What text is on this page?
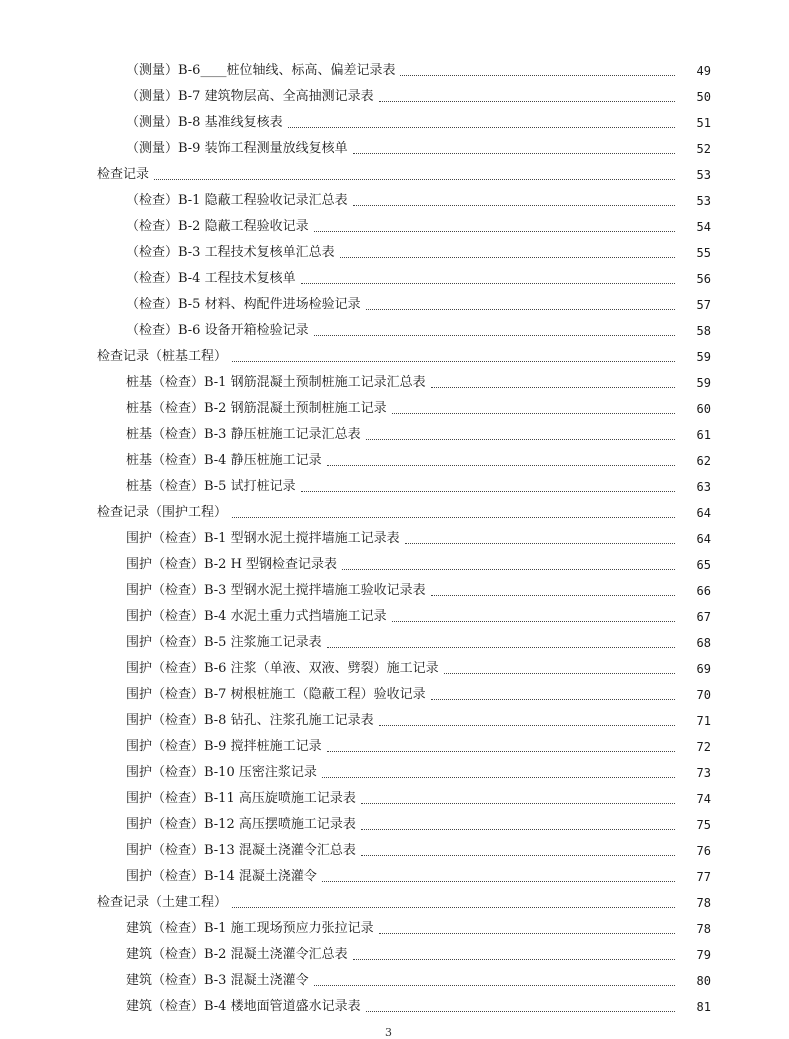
（测量）B-6____桩位轴线、标高、偏差记录表	49
（测量）B-7 建筑物层高、全高抽测记录表	50
（测量）B-8 基准线复核表	51
（测量）B-9 装饰工程测量放线复核单	52
检查记录	53
（检查）B-1 隐蔽工程验收记录汇总表	53
（检查）B-2 隐蔽工程验收记录	54
（检查）B-3 工程技术复核单汇总表	55
（检查）B-4 工程技术复核单	56
（检查）B-5 材料、构配件进场检验记录	57
（检查）B-6 设备开箱检验记录	58
检查记录（桩基工程）	59
桩基（检查）B-1 钢筋混凝土预制桩施工记录汇总表	59
桩基（检查）B-2 钢筋混凝土预制桩施工记录	60
桩基（检查）B-3 静压桩施工记录汇总表	61
桩基（检查）B-4 静压桩施工记录	62
桩基（检查）B-5 试打桩记录	63
检查记录（围护工程）	64
围护（检查）B-1 型钢水泥土搅拌墙施工记录表	64
围护（检查）B-2 H 型钢检查记录表	65
围护（检查）B-3 型钢水泥土搅拌墙施工验收记录表	66
围护（检查）B-4 水泥土重力式挡墙施工记录	67
围护（检查）B-5 注浆施工记录表	68
围护（检查）B-6 注浆（单液、双液、劈裂）施工记录	69
围护（检查）B-7 树根桩施工（隐蔽工程）验收记录	70
围护（检查）B-8 钻孔、注浆孔施工记录表	71
围护（检查）B-9 搅拌桩施工记录	72
围护（检查）B-10 压密注浆记录	73
围护（检查）B-11 高压旋喷施工记录表	74
围护（检查）B-12 高压摆喷施工记录表	75
围护（检查）B-13 混凝土浇灌令汇总表	76
围护（检查）B-14 混凝土浇灌令	77
检查记录（土建工程）	78
建筑（检查）B-1 施工现场预应力张拉记录	78
建筑（检查）B-2 混凝土浇灌令汇总表	79
建筑（检查）B-3 混凝土浇灌令	80
建筑（检查）B-4 楼地面管道盛水记录表	81
3
